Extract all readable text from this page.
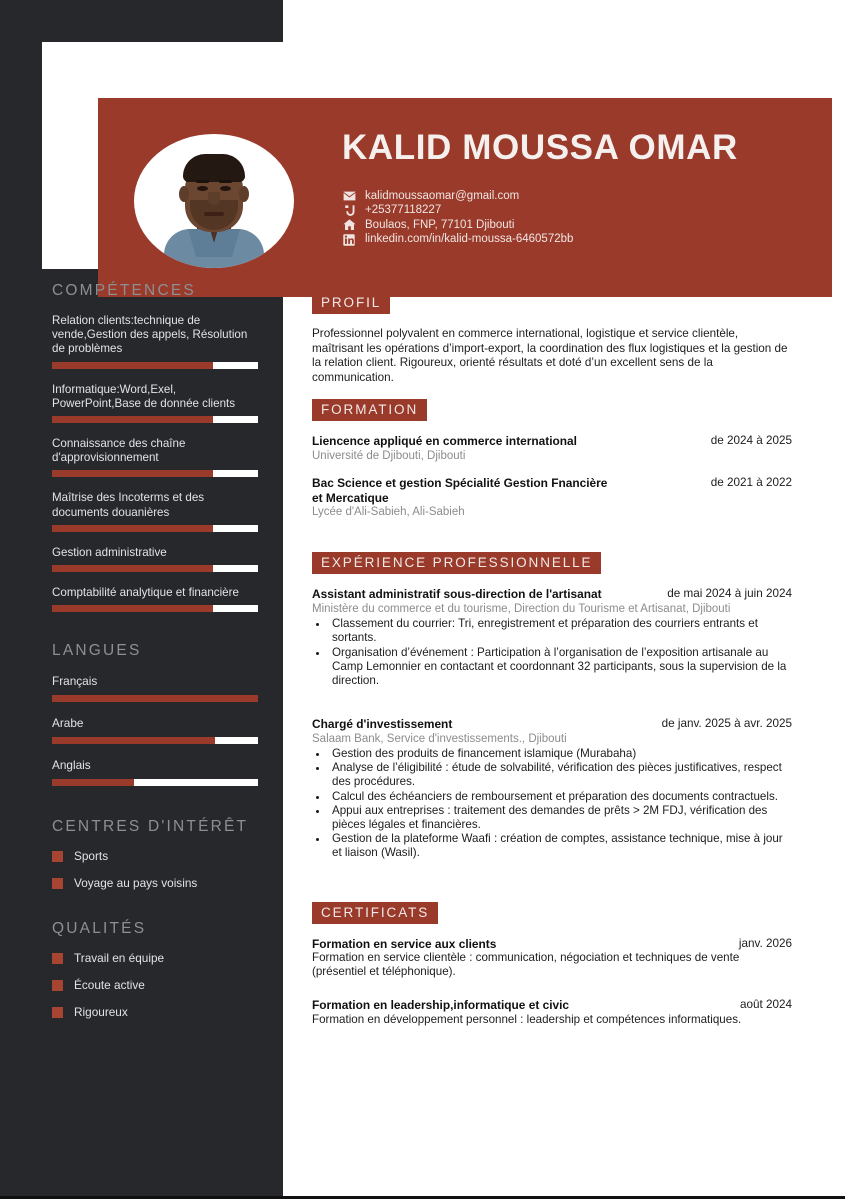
KALID MOUSSA OMAR
kalidmoussaomar@gmail.com
+25377118227
Boulaos, FNP, 77101 Djibouti
linkedin.com/in/kalid-moussa-6460572bb
COMPÉTENCES
Relation clients:technique de vende,Gestion des appels, Résolution de problèmes
Informatique:Word,Exel, PowerPoint,Base de donnée clients
Connaissance des chaîne d'approvisionnement
Maîtrise des Incoterms et des documents douanières
Gestion administrative
Comptabilité analytique et financière
LANGUES
Français
Arabe
Anglais
CENTRES D'INTÉRÊT
Sports
Voyage au pays voisins
QUALITÉS
Travail en équipe
Écoute active
Rigoureux
PROFIL
Professionnel polyvalent en commerce international, logistique et service clientèle, maîtrisant les opérations d’import-export, la coordination des flux logistiques et la gestion de la relation client. Rigoureux, orienté résultats et doté d’un excellent sens de la communication.
FORMATION
Liencence appliqué en commerce international	de 2024 à 2025
Université de Djibouti, Djibouti
Bac Science et gestion Spécialité Gestion Fnancière et Mercatique
de 2021 à 2022
Lycée d'Ali-Sabieh, Ali-Sabieh
EXPÉRIENCE PROFESSIONNELLE
Assistant administratif sous-direction de l'artisanat	de mai 2024 à juin 2024
Ministère du commerce et du tourisme, Direction du Tourisme et Artisanat, Djibouti
• Classement du courrier: Tri, enregistrement et préparation des courriers entrants et sortants.
• Organisation d’événement : Participation à l’organisation de l’exposition artisanale au Camp Lemonnier en contactant et coordonnant 32 participants, sous la supervision de la direction.
Chargé d'investissement	de janv. 2025 à avr. 2025
Salaam Bank, Service d'investissements., Djibouti
• Gestion des produits de financement islamique (Murabaha)
• Analyse de l’éligibilité : étude de solvabilité, vérification des pièces justificatives, respect des procédures.
• Calcul des échéanciers de remboursement et préparation des documents contractuels.
• Appui aux entreprises : traitement des demandes de prêts > 2M FDJ, vérification des pièces légales et financières.
• Gestion de la plateforme Waafi : création de comptes, assistance technique, mise à jour et liaison (Wasil).
CERTIFICATS
Formation en service aux clients	janv. 2026
Formation en service clientèle : communication, négociation et techniques de vente (présentiel et téléphonique).
Formation en leadership,informatique et civic	août 2024
Formation en développement personnel : leadership et compétences informatiques.
